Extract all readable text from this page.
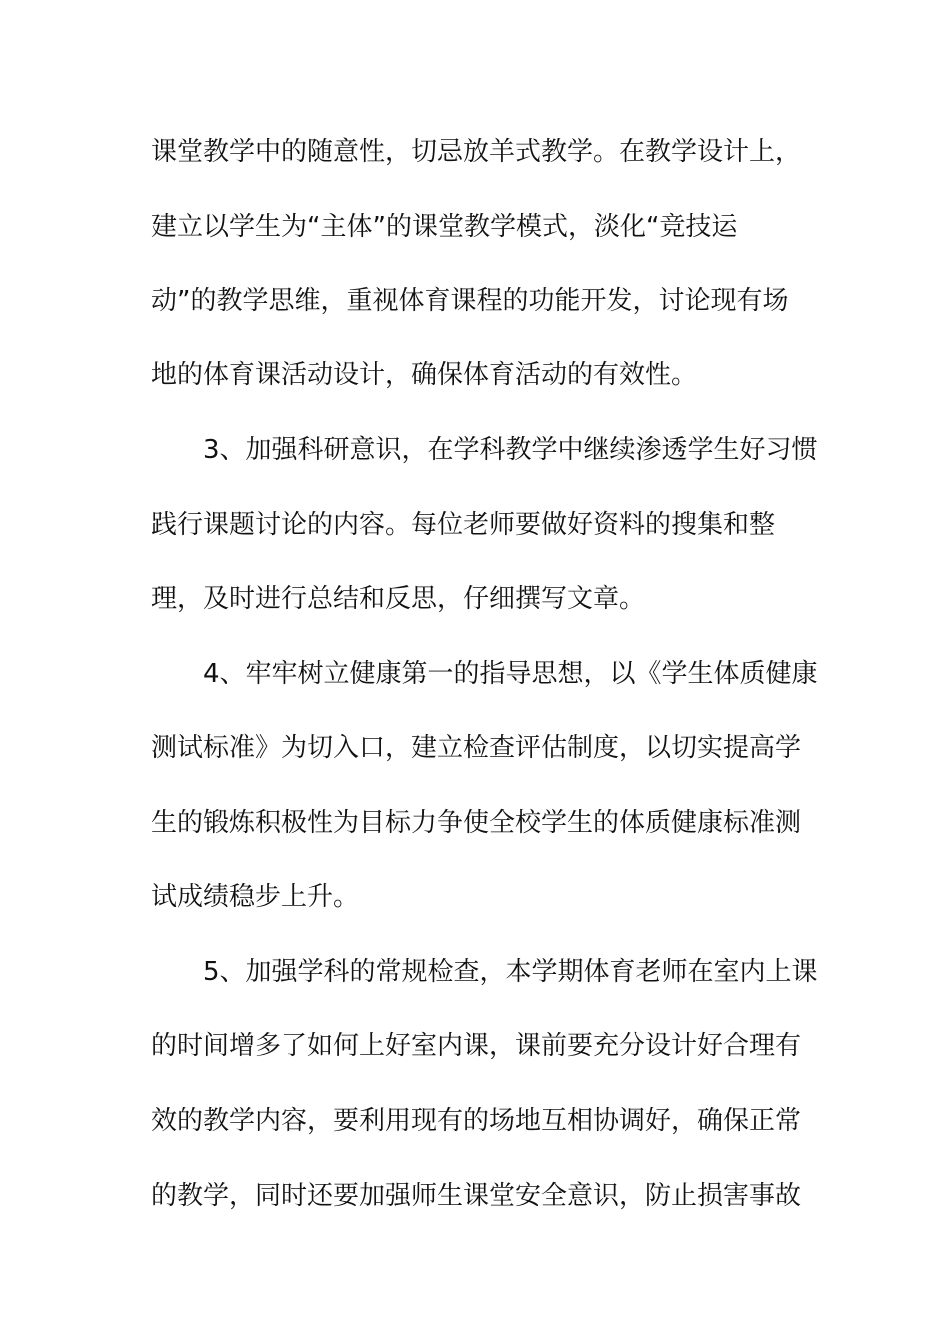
课堂教学中的随意性，切忌放羊式教学。在教学设计上，
建立以学生为“主体”的课堂教学模式，淡化“竞技运
动”的教学思维，重视体育课程的功能开发，讨论现有场
地的体育课活动设计，确保体育活动的有效性。
3、加强科研意识，在学科教学中继续渗透学生好习惯
践行课题讨论的内容。每位老师要做好资料的搜集和整
理，及时进行总结和反思，仔细撰写文章。
4、牢牢树立健康第一的指导思想，以《学生体质健康
测试标准》为切入口，建立检查评估制度，以切实提高学
生的锻炼积极性为目标力争使全校学生的体质健康标准测
试成绩稳步上升。
5、加强学科的常规检查，本学期体育老师在室内上课
的时间增多了如何上好室内课，课前要充分设计好合理有
效的教学内容，要利用现有的场地互相协调好，确保正常
的教学，同时还要加强师生课堂安全意识，防止损害事故
